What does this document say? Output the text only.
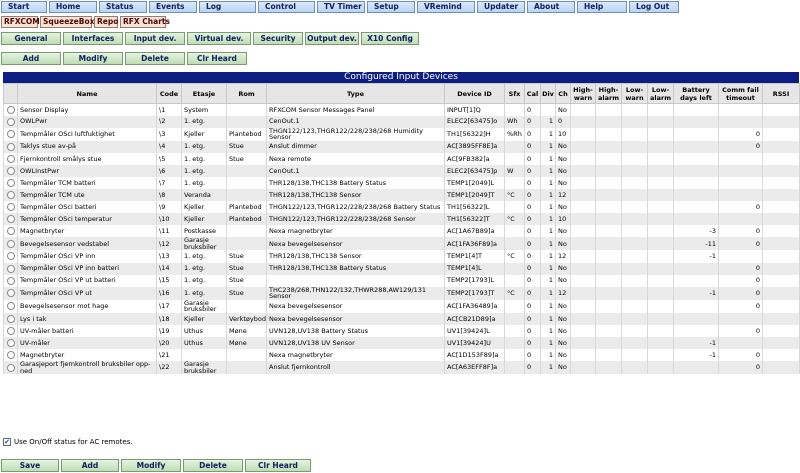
Start	Home	Status	Events	Log	Control	TV Timer	Setup	VRemind	Updater	About	Help	Log Out
RFXCOM SqueezeBox Repo RFX Charts
General	Interfaces	Input dev.	Virtual dev.	Security	Output dev.	X10 Config
Add	Modify	Delete	Clr Heard
Configured Input Devices
	Name	Code	Etasje	Rom	Type	Device ID	Sfx	Cal	Div	Ch	High-warn	High-alarm	Low-warn	Low-alarm	Battery days left	Comm fail timeout	RSSI
	Sensor Display	\1	System		RFXCOM Sensor Messages Panel	INPUT[1]Q		0		No							
	OWLPwr	\2	1. etg.		CenOut.1	ELEC2[63475]o	Wh	0	1	0							
	Tempmåler OSci luftfuktighet	\3	Kjeller	Plantebod	THGN122/123,THGR122/228/238/268 Humidity Sensor	TH1[56322]H	%Rh	0	1	10						0	
	Taklys stue av-på	\4	1. etg.	Stue	Anslut dimmer	AC[3895FF8E]a		0	1	No						0	
	Fjernkontroll smålys stue	\5	1. etg.	Stue	Nexa remote	AC[9FB382]a		0	1	No							
	OWLInstPwr	\6	1. etg.		CenOut.1	ELEC2[63475]p	W	0	1	No							
	Tempmåler TCM batteri	\7	1. etg.		THR128/138,THC138 Battery Status	TEMP1[2049]L		0	1	No							
	Tempmåler TCM ute	\8	Veranda		THR128/138,THC138 Sensor	TEMP1[2049]T	°C	0	1	12							
	Tempmåler OSci batteri	\9	Kjeller	Plantebod	THGN122/123,THGR122/228/238/268 Battery Status	TH1[56322]L		0	1	No						0	
	Tempmåler OSci temperatur	\10	Kjeller	Plantebod	THGN122/123,THGR122/228/238/268 Sensor	TH1[56322]T	°C	0	1	10							
	Magnetbryter	\11	Postkasse		Nexa magnetbryter	AC[1A67B89]a		0	1	No					-3	0	
	Bevegelsesensor vedstabel	\12	Garasje bruksbiler		Nexa bevegelsesensor	AC[1FA36F89]a		0	1	No					-11	0	
	Tempmåler OSci VP inn	\13	1. etg.	Stue	THR128/138,THC138 Sensor	TEMP1[4]T	°C	0	1	12					-1		
	Tempmåler OSci VP inn batteri	\14	1. etg.	Stue	THR128/138,THC138 Battery Status	TEMP1[4]L		0	1	No						0	
	Tempmåler OSci VP ut batteri	\15	1. etg.	Stue		TEMP2[1793]L		0	1	No						0	
	Tempmåler OSci VP ut	\16	1. etg.	Stue	THC238/268,THN122/132,THWR288,AW129/131 Sensor	TEMP2[1793]T	°C	0	1	12					-1	0	
	Bevegelsesensor mot hage	\17	Garasje bruksbiler		Nexa bevegelsesensor	AC[1FA36489]a		0	1	No						0	
	Lys i tak	\18	Kjeller	Verktøybod	Nexa bevegelsesensor	AC[CB21D89]a		0	1	No							
	UV-måler batteri	\19	Uthus	Møne	UVN128,UV138 Battery Status	UV1[39424]L		0	1	No						0	
	UV-måler	\20	Uthus	Møne	UVN128,UV138 UV Sensor	UV1[39424]U		0	1	No					-1		
	Magnetbryter	\21			Nexa magnetbryter	AC[1D153F89]a		0	1	No					-1	0	
	Garasjeport fjernkontroll bruksbiler opp-ned	\22	Garasje bruksbiler		Anslut fjernkontroll	AC[A63EFF8F]a		0	1	No						0	
✔ Use On/Off status for AC remotes.
Save	Add	Modify	Delete	Clr Heard
